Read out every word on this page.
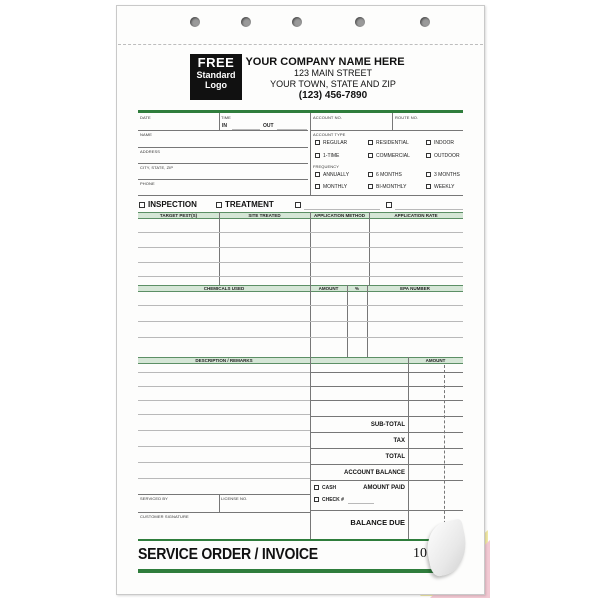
FREE
Standard
Logo
YOUR COMPANY NAME HERE
123 MAIN STREET
YOUR TOWN, STATE AND ZIP
(123) 456-7890
DATE	TIME
IN	OUT
ACCOUNT NO.	ROUTE NO.
NAME
ADDRESS
CITY, STATE, ZIP
PHONE
ACCOUNT TYPE
REGULAR	RESIDENTIAL	INDOOR
1-TIME	COMMERCIAL	OUTDOOR
FREQUENCY
ANNUALLY	6 MONTHS	3 MONTHS
MONTHLY	BI-MONTHLY	WEEKLY
INSPECTION	TREATMENT
TARGET PEST(S)	SITE TREATED	APPLICATION METHOD	APPLICATION RATE
CHEMICALS USED	AMOUNT	%	EPA NUMBER
DESCRIPTION / REMARKS	AMOUNT
SUB-TOTAL
TAX
TOTAL
ACCOUNT BALANCE
CASH	AMOUNT PAID
CHECK #
BALANCE DUE
SERVICED BY	LICENSE NO.
CUSTOMER SIGNATURE
SERVICE ORDER / INVOICE	10
